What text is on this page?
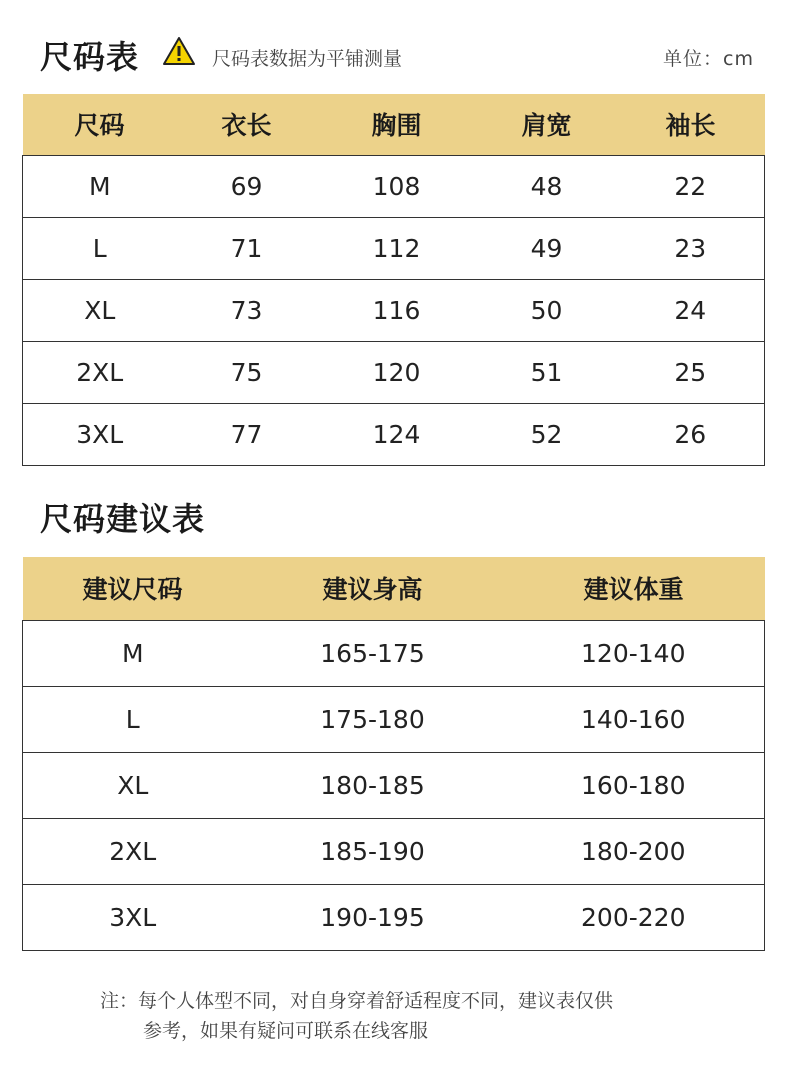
尺码表	尺码表数据为平铺测量	单位：cm
尺码	衣长	胸围	肩宽	袖长
M	69	108	48	22
L	71	112	49	23
XL	73	116	50	24
2XL	75	120	51	25
3XL	77	124	52	26
尺码建议表
建议尺码	建议身高	建议体重
M	165-175	120-140
L	175-180	140-160
XL	180-185	160-180
2XL	185-190	180-200
3XL	190-195	200-220
注：每个人体型不同，对自身穿着舒适程度不同，建议表仅供
参考，如果有疑问可联系在线客服
